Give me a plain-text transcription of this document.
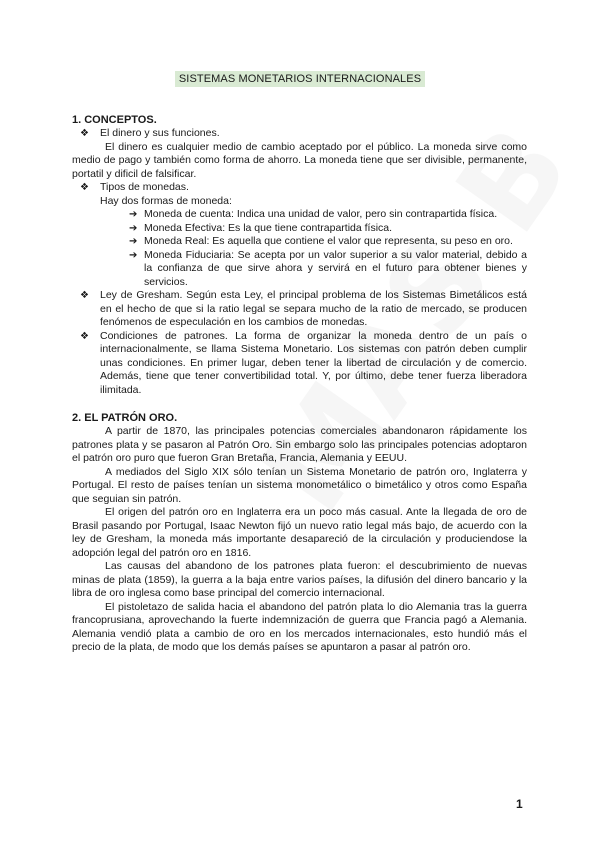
SISTEMAS MONETARIOS INTERNACIONALES
1. CONCEPTOS.
❖ El dinero y sus funciones.

El dinero es cualquier medio de cambio aceptado por el público. La moneda sirve como medio de pago y también como forma de ahorro. La moneda tiene que ser divisible, permanente, portatil y dificil de falsificar.

❖ Tipos de monedas.

Hay dos formas de moneda:

➔ Moneda de cuenta: Indica una unidad de valor, pero sin contrapartida física.
➔ Moneda Efectiva: Es la que tiene contrapartida física.
➔ Moneda Real: Es aquella que contiene el valor que representa, su peso en oro.
➔ Moneda Fiduciaria: Se acepta por un valor superior a su valor material, debido a la confianza de que sirve ahora y servirá en el futuro para obtener bienes y servicios.
❖ Ley de Gresham. Según esta Ley, el principal problema de los Sistemas Bimetálicos está en el hecho de que si la ratio legal se separa mucho de la ratio de mercado, se producen fenómenos de especulación en los cambios de monedas.
❖ Condiciones de patrones. La forma de organizar la moneda dentro de un país o internacionalmente, se llama Sistema Monetario. Los sistemas con patrón deben cumplir unas condiciones. En primer lugar, deben tener la libertad de circulación y de comercio. Además, tiene que tener convertibilidad total. Y, por último, debe tener fuerza liberadora ilimitada.
2. EL PATRÓN ORO.

A partir de 1870, las principales potencias comerciales abandonaron rápidamente los patrones plata y se pasaron al Patrón Oro. Sin embargo solo las principales potencias adoptaron el patrón oro puro que fueron Gran Bretaña, Francia, Alemania y EEUU.

A mediados del Siglo XIX sólo tenían un Sistema Monetario de patrón oro, Inglaterra y Portugal. El resto de países tenían un sistema monometálico o bimetálico y otros como España que seguian sin patrón.

El origen del patrón oro en Inglaterra era un poco más casual. Ante la llegada de oro de Brasil pasando por Portugal, Isaac Newton fijó un nuevo ratio legal más bajo, de acuerdo con la ley de Gresham, la moneda más importante desapareció de la circulación y produciendose la adopción legal del patrón oro en 1816.

Las causas del abandono de los patrones plata fueron: el descubrimiento de nuevas minas de plata (1859), la guerra a la baja entre varios países, la difusión del dinero bancario y la libra de oro inglesa como base principal del comercio internacional.

El pistoletazo de salida hacia el abandono del patrón plata lo dio Alemania tras la guerra francoprusiana, aprovechando la fuerte indemnización de guerra que Francia pagó a Alemania. Alemania vendió plata a cambio de oro en los mercados internacionales, esto hundió más el precio de la plata, de modo que los demás países se apuntaron a pasar al patrón oro.

1
